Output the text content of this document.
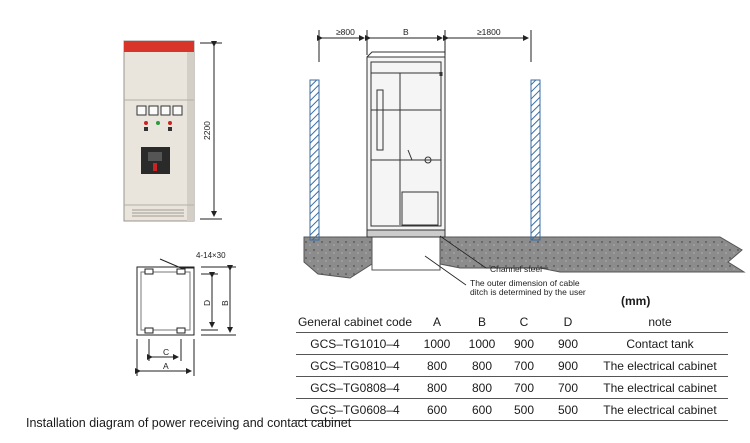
≥800	B	≥1800
2200
4-14×30
D B
C
A
Channel steel
The outer dimension of cable
ditch is determined by the user
(mm)
General cabinet code	A	B	C	D	note
GCS–TG1010–4	1000	1000	900	900	Contact tank
GCS–TG0810–4	800	800	700	900	The electrical cabinet
GCS–TG0808–4	800	800	700	700	The electrical cabinet
GCS–TG0608–4	600	600	500	500	The electrical cabinet
Installation diagram of power receiving and contact cabinet
